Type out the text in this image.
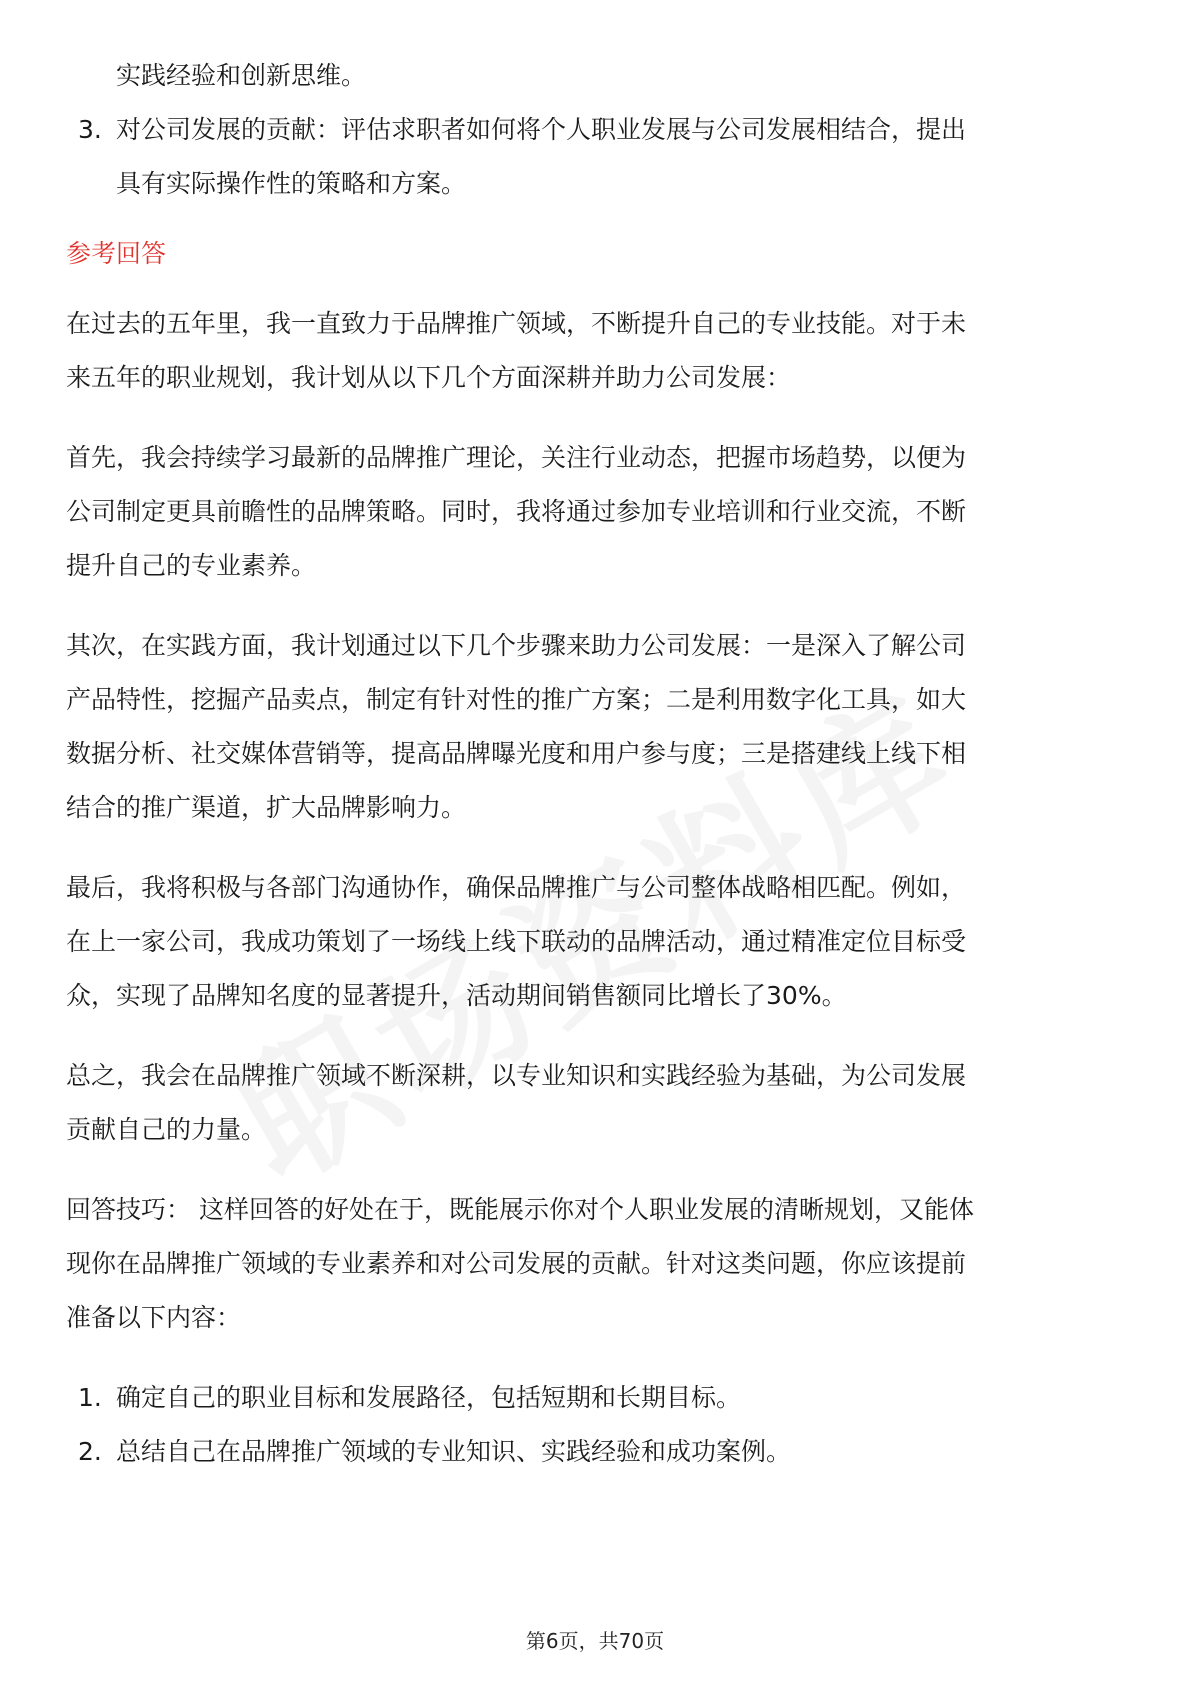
实践经验和创新思维。
3. 对公司发展的贡献：评估求职者如何将个人职业发展与公司发展相结合，提出
具有实际操作性的策略和方案。
参考回答
在过去的五年里，我一直致力于品牌推广领域，不断提升自己的专业技能。对于未
来五年的职业规划，我计划从以下几个方面深耕并助力公司发展：
首先，我会持续学习最新的品牌推广理论，关注行业动态，把握市场趋势，以便为
公司制定更具前瞻性的品牌策略。同时，我将通过参加专业培训和行业交流，不断
提升自己的专业素养。
其次，在实践方面，我计划通过以下几个步骤来助力公司发展：一是深入了解公司
产品特性，挖掘产品卖点，制定有针对性的推广方案；二是利用数字化工具，如大
数据分析、社交媒体营销等，提高品牌曝光度和用户参与度；三是搭建线上线下相
结合的推广渠道，扩大品牌影响力。
最后，我将积极与各部门沟通协作，确保品牌推广与公司整体战略相匹配。例如，
在上一家公司，我成功策划了一场线上线下联动的品牌活动，通过精准定位目标受
众，实现了品牌知名度的显著提升，活动期间销售额同比增长了30%。
总之，我会在品牌推广领域不断深耕，以专业知识和实践经验为基础，为公司发展
贡献自己的力量。
回答技巧： 这样回答的好处在于，既能展示你对个人职业发展的清晰规划，又能体
现你在品牌推广领域的专业素养和对公司发展的贡献。针对这类问题，你应该提前
准备以下内容：
1. 确定自己的职业目标和发展路径，包括短期和长期目标。
2. 总结自己在品牌推广领域的专业知识、实践经验和成功案例。
第6页，共70页
